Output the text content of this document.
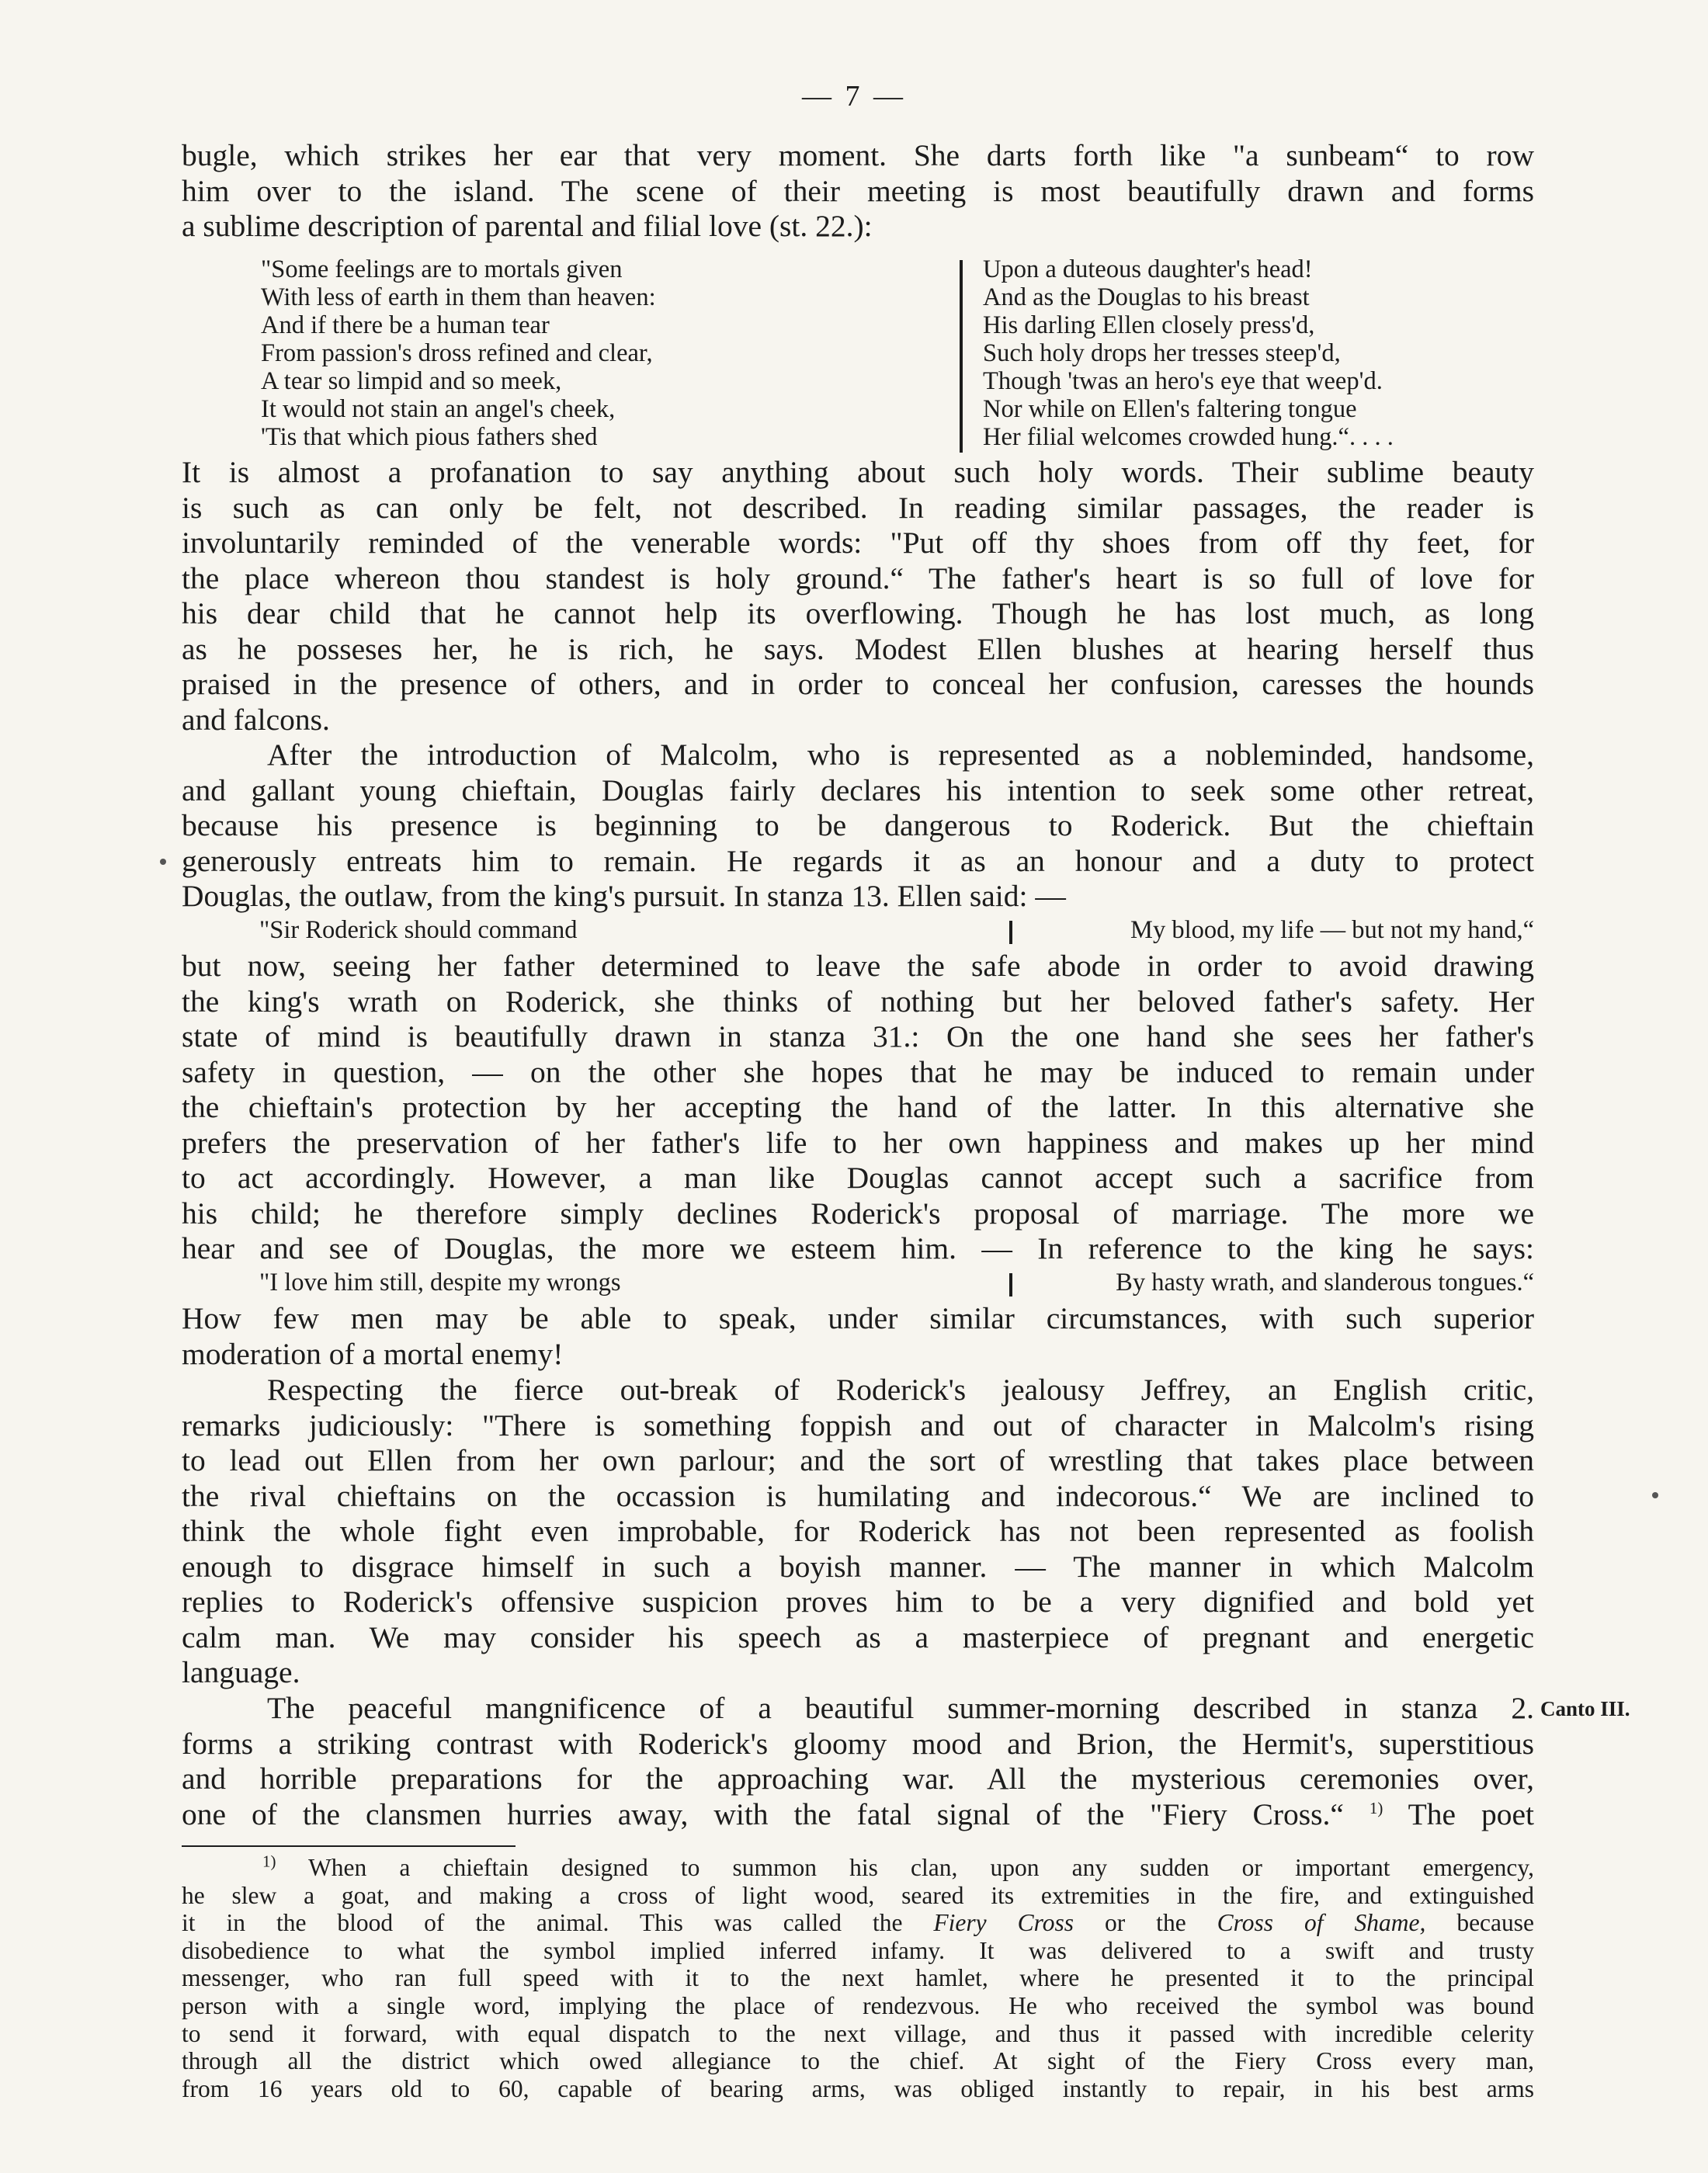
— 7 —
bugle, which strikes her ear that very moment. She darts forth like "a sunbeam“ to row
him over to the island. The scene of their meeting is most beautifully drawn and forms
a sublime description of parental and filial love (st. 22.):
"Some feelings are to mortals given
With less of earth in them than heaven:
And if there be a human tear
From passion's dross refined and clear,
A tear so limpid and so meek,
It would not stain an angel's cheek,
'Tis that which pious fathers shed
Upon a duteous daughter's head!
And as the Douglas to his breast
His darling Ellen closely press'd,
Such holy drops her tresses steep'd,
Though 'twas an hero's eye that weep'd.
Nor while on Ellen's faltering tongue
Her filial welcomes crowded hung.“. . . .
It is almost a profanation to say anything about such holy words. Their sublime beauty
is such as can only be felt, not described. In reading similar passages, the reader is
involuntarily reminded of the venerable words: "Put off thy shoes from off thy feet, for
the place whereon thou standest is holy ground.“ The father's heart is so full of love for
his dear child that he cannot help its overflowing. Though he has lost much, as long
as he posseses her, he is rich, he says. Modest Ellen blushes at hearing herself thus
praised in the presence of others, and in order to conceal her confusion, caresses the hounds
and falcons.
After the introduction of Malcolm, who is represented as a nobleminded, handsome,
and gallant young chieftain, Douglas fairly declares his intention to seek some other retreat,
because his presence is beginning to be dangerous to Roderick. But the chieftain
generously entreats him to remain. He regards it as an honour and a duty to protect
Douglas, the outlaw, from the king's pursuit. In stanza 13. Ellen said: —
"Sir Roderick should command	My blood, my life — but not my hand,“
but now, seeing her father determined to leave the safe abode in order to avoid drawing
the king's wrath on Roderick, she thinks of nothing but her beloved father's safety. Her
state of mind is beautifully drawn in stanza 31.: On the one hand she sees her father's
safety in question, — on the other she hopes that he may be induced to remain under
the chieftain's protection by her accepting the hand of the latter. In this alternative she
prefers the preservation of her father's life to her own happiness and makes up her mind
to act accordingly. However, a man like Douglas cannot accept such a sacrifice from
his child; he therefore simply declines Roderick's proposal of marriage. The more we
hear and see of Douglas, the more we esteem him. — In reference to the king he says:
"I love him still, despite my wrongs	By hasty wrath, and slanderous tongues.“
How few men may be able to speak, under similar circumstances, with such superior
moderation of a mortal enemy!
Respecting the fierce out-break of Roderick's jealousy Jeffrey, an English critic,
remarks judiciously: "There is something foppish and out of character in Malcolm's rising
to lead out Ellen from her own parlour; and the sort of wrestling that takes place between
the rival chieftains on the occassion is humilating and indecorous.“ We are inclined to
think the whole fight even improbable, for Roderick has not been represented as foolish
enough to disgrace himself in such a boyish manner. — The manner in which Malcolm
replies to Roderick's offensive suspicion proves him to be a very dignified and bold yet
calm man. We may consider his speech as a masterpiece of pregnant and energetic
language.
The peaceful mangnificence of a beautiful summer-morning described in stanza 2.
forms a striking contrast with Roderick's gloomy mood and Brion, the Hermit's, superstitious
and horrible preparations for the approaching war. All the mysterious ceremonies over,
one of the clansmen hurries away, with the fatal signal of the "Fiery Cross.“ $^{1)}$ The poet
Canto III.
$^{1)}$ When a chieftain designed to summon his clan, upon any sudden or important emergency,
he slew a goat, and making a cross of light wood, seared its extremities in the fire, and extinguished
it in the blood of the animal. This was called the Fiery Cross or the Cross of Shame, because
disobedience to what the symbol implied inferred infamy. It was delivered to a swift and trusty
messenger, who ran full speed with it to the next hamlet, where he presented it to the principal
person with a single word, implying the place of rendezvous. He who received the symbol was bound
to send it forward, with equal dispatch to the next village, and thus it passed with incredible celerity
through all the district which owed allegiance to the chief. At sight of the Fiery Cross every man,
from 16 years old to 60, capable of bearing arms, was obliged instantly to repair, in his best arms
